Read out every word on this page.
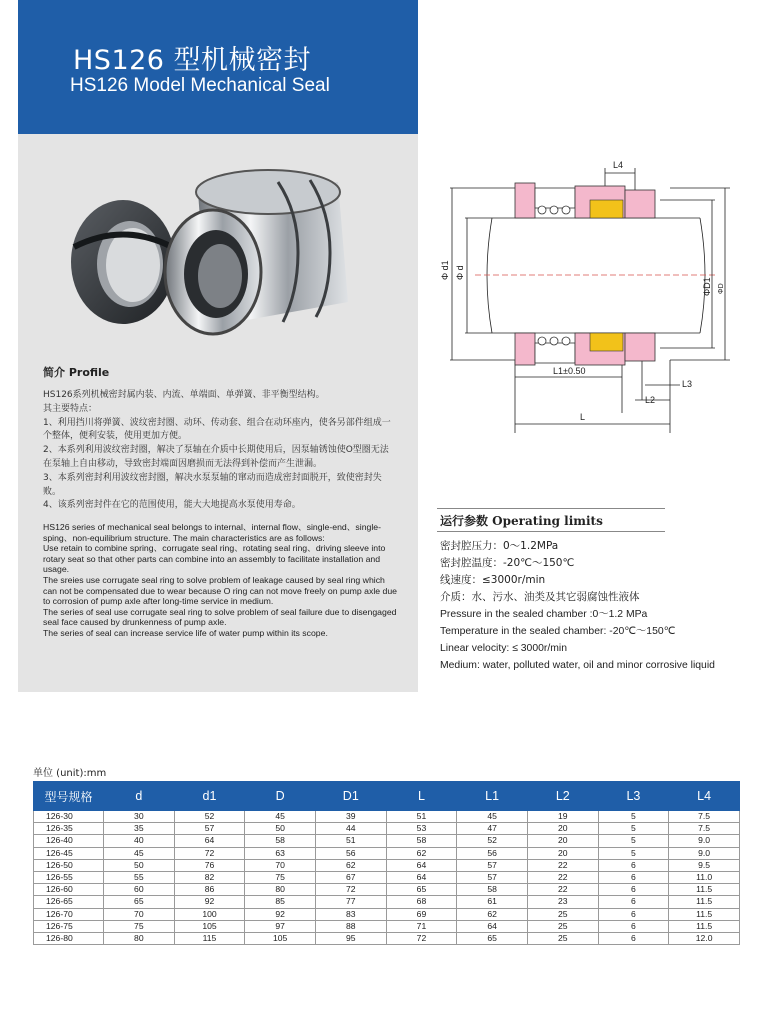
HS126 型机械密封
HS126 Model Mechanical Seal
简介 Profile
HS126系列机械密封属内装、内流、单端面、单弹簧、非平衡型结构。
其主要特点：
1、利用挡川将弹簧、波纹密封圈、动环、传动套、组合在动环座内，使各另部件组成一个整体，便利安装，使用更加方便。
2、本系列利用波纹密封圈，解决了泵轴在介质中长期使用后，因泵轴锈蚀使O型圈无法在泵轴上自由移动，导致密封端面因磨损而无法得到补偿而产生泄漏。
3、本系列密封利用波纹密封圈，解决水泵泵轴的窜动而造成密封面脱开，致使密封失败。
4、该系列密封件在它的范围使用，能大大地提高水泵使用寿命。
HS126 series of mechanical seal belongs to internal、internal flow、single-end、single-sping、non-equilibrium structure. The main characteristics are as follows:
Use retain to combine spring、corrugate seal ring、rotating seal ring、driving sleeve into rotary seat so that other parts can combine into an assembly to facilitate installation and usage.
The sreies use corrugate seal ring to solve problem of leakage caused by seal ring which can not be compensated due to wear because O ring can not move freely on pump axle due to corrosion of pump axle after long-time service in medium.
The series of seal use corrugate seal ring to solve problem of seal failure due to disengaged seal face caused by drunkenness of pump axle.
The series of seal can increase service life of water pump within its scope.
L4
Φ d1 Φ d
ΦD1 ΦD
L1±0.50
L3
L2
L
运行参数 Operating limits
密封腔压力：0～1.2MPa
密封腔温度：-20℃～150℃
线速度：≤3000r/min
介质：水、污水、油类及其它弱腐蚀性液体
Pressure in the sealed chamber :0～1.2 MPa
Temperature in the sealed chamber: -20℃～150℃
Linear velocity: ≤ 3000r/min
Medium: water, polluted water, oil and minor corrosive liquid
单位 (unit):mm
型号规格	d	d1	D	D1	L	L1	L2	L3	L4
126-30	30	52	45	39	51	45	19	5	7.5
126-35	35	57	50	44	53	47	20	5	7.5
126-40	40	64	58	51	58	52	20	5	9.0
126-45	45	72	63	56	62	56	20	5	9.0
126-50	50	76	70	62	64	57	22	6	9.5
126-55	55	82	75	67	64	57	22	6	11.0
126-60	60	86	80	72	65	58	22	6	11.5
126-65	65	92	85	77	68	61	23	6	11.5
126-70	70	100	92	83	69	62	25	6	11.5
126-75	75	105	97	88	71	64	25	6	11.5
126-80	80	115	105	95	72	65	25	6	12.0
